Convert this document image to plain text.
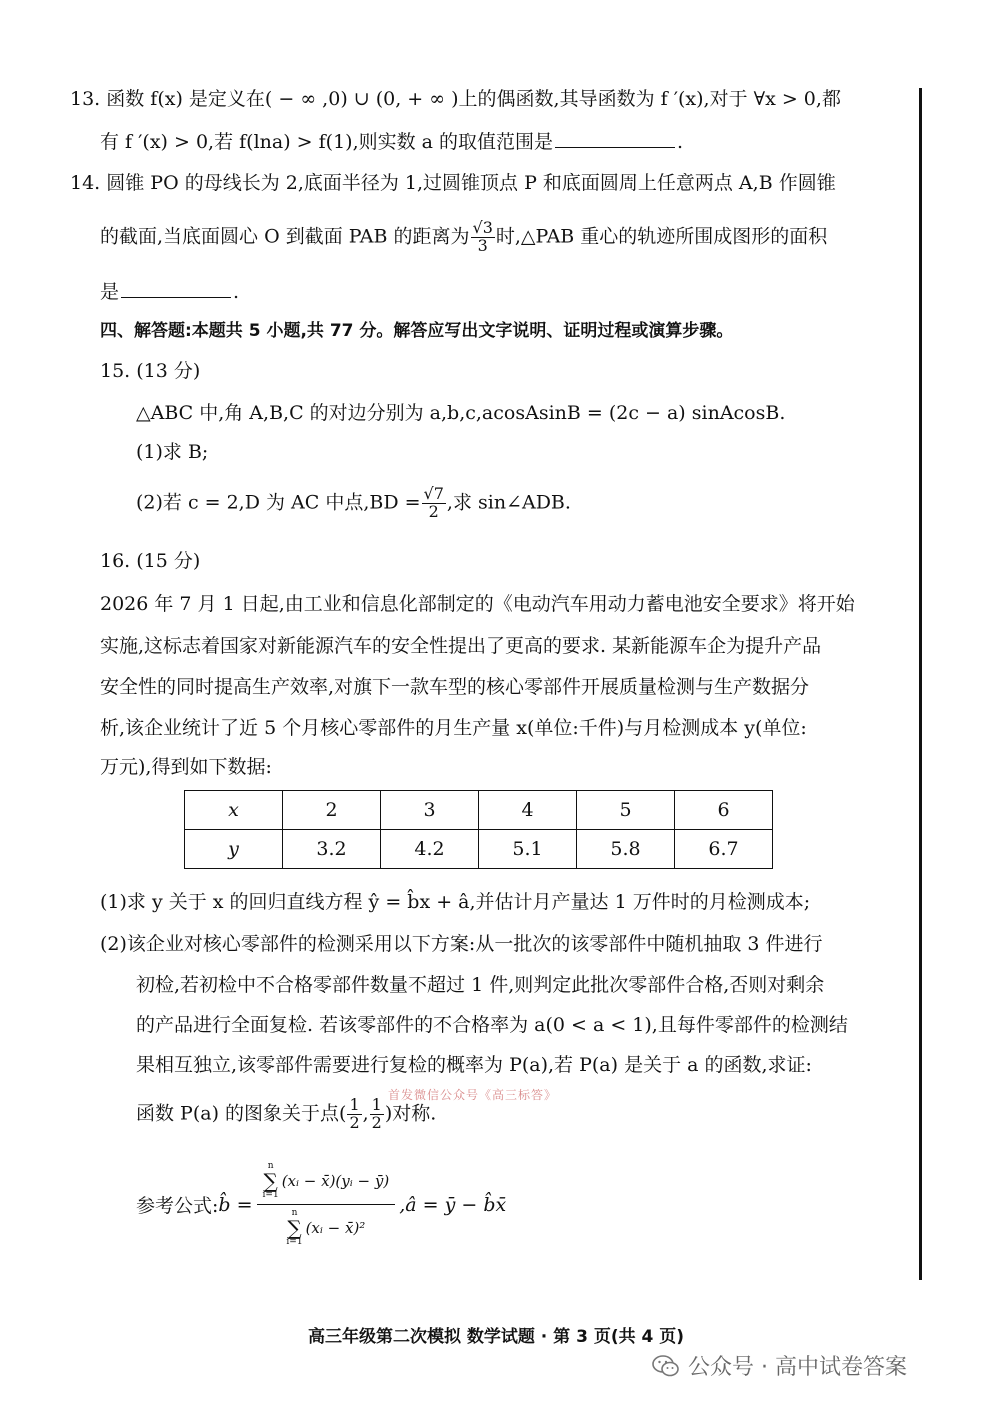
13. 函数 f(x) 是定义在( − ∞ ,0) ∪ (0, + ∞ )上的偶函数,其导函数为 f ′(x),对于 ∀x > 0,都
有 f ′(x) > 0,若 f(lna) > f(1),则实数 a 的取值范围是	.
14. 圆锥 PO 的母线长为 2,底面半径为 1,过圆锥顶点 P 和底面圆周上任意两点 A,B 作圆锥
的截面,当底面圆心 O 到截面 PAB 的距离为 $\frac{√3}{3}$ 时,△PAB 重心的轨迹所围成图形的面积
是	.
四、解答题:本题共 5 小题,共 77 分。解答应写出文字说明、证明过程或演算步骤。
15. (13 分)
△ABC 中,角 A,B,C 的对边分别为 a,b,c,acosAsinB = (2c − a) sinAcosB.
(1)求 B;
(2)若 c = 2,D 为 AC 中点$,BD = \frac{√7}{2}$ ,求 sin∠ADB.
16. (15 分)
2026 年 7 月 1 日起,由工业和信息化部制定的《电动汽车用动力蓄电池安全要求》将开始
实施,这标志着国家对新能源汽车的安全性提出了更高的要求. 某新能源车企为提升产品
安全性的同时提高生产效率,对旗下一款车型的核心零部件开展质量检测与生产数据分
析,该企业统计了近 5 个月核心零部件的月生产量 x(单位:千件)与月检测成本 y(单位:
万元),得到如下数据:
x	2	3	4	5	6
y	3.2	4.2	5.1	5.8	6.7
(1)求 y 关于 x 的回归直线方程 ŷ = b̂x + â,并估计月产量达 1 万件时的月检测成本;
(2)该企业对核心零部件的检测采用以下方案:从一批次的该零部件中随机抽取 3 件进行
初检,若初检中不合格零部件数量不超过 1 件,则判定此批次零部件合格,否则对剩余
的产品进行全面复检. 若该零部件的不合格率为 a(0 < a < 1),且每件零部件的检测结
果相互独立,该零部件需要进行复检的概率为 P(a),若 P(a) 是关于 a 的函数,求证:
首发微信公众号《高三标答》
函数 P(a) 的图象关于点( $\frac{1}{2}$ , $\frac{1}{2}$ )对称.
参考公式: b̂ = n
∑
i=1
(xᵢ − x̄)(yᵢ − ȳ)
n
∑
i=1
(xᵢ − x̄)² ,â = ȳ − b̂x̄
高三年级第二次模拟 数学试题 · 第 3 页(共 4 页)
公众号 · 高中试卷答案
